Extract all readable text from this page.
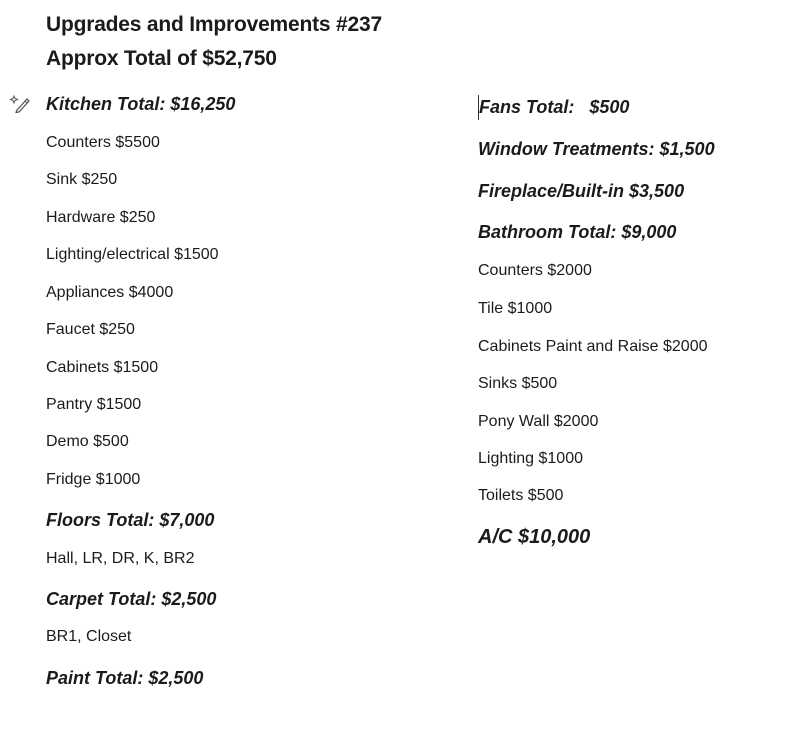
Upgrades and Improvements #237
Approx Total of $52,750
Kitchen Total: $16,250
Counters $5500
Sink $250
Hardware $250
Lighting/electrical $1500
Appliances $4000
Faucet $250
Cabinets $1500
Pantry $1500
Demo $500
Fridge $1000
Floors Total: $7,000
Hall, LR, DR, K, BR2
Carpet Total: $2,500
BR1, Closet
Paint Total: $2,500
Fans Total:   $500
Window Treatments: $1,500
Fireplace/Built-in $3,500
Bathroom Total: $9,000
Counters $2000
Tile $1000
Cabinets Paint and Raise $2000
Sinks $500
Pony Wall $2000
Lighting $1000
Toilets $500
A/C $10,000
